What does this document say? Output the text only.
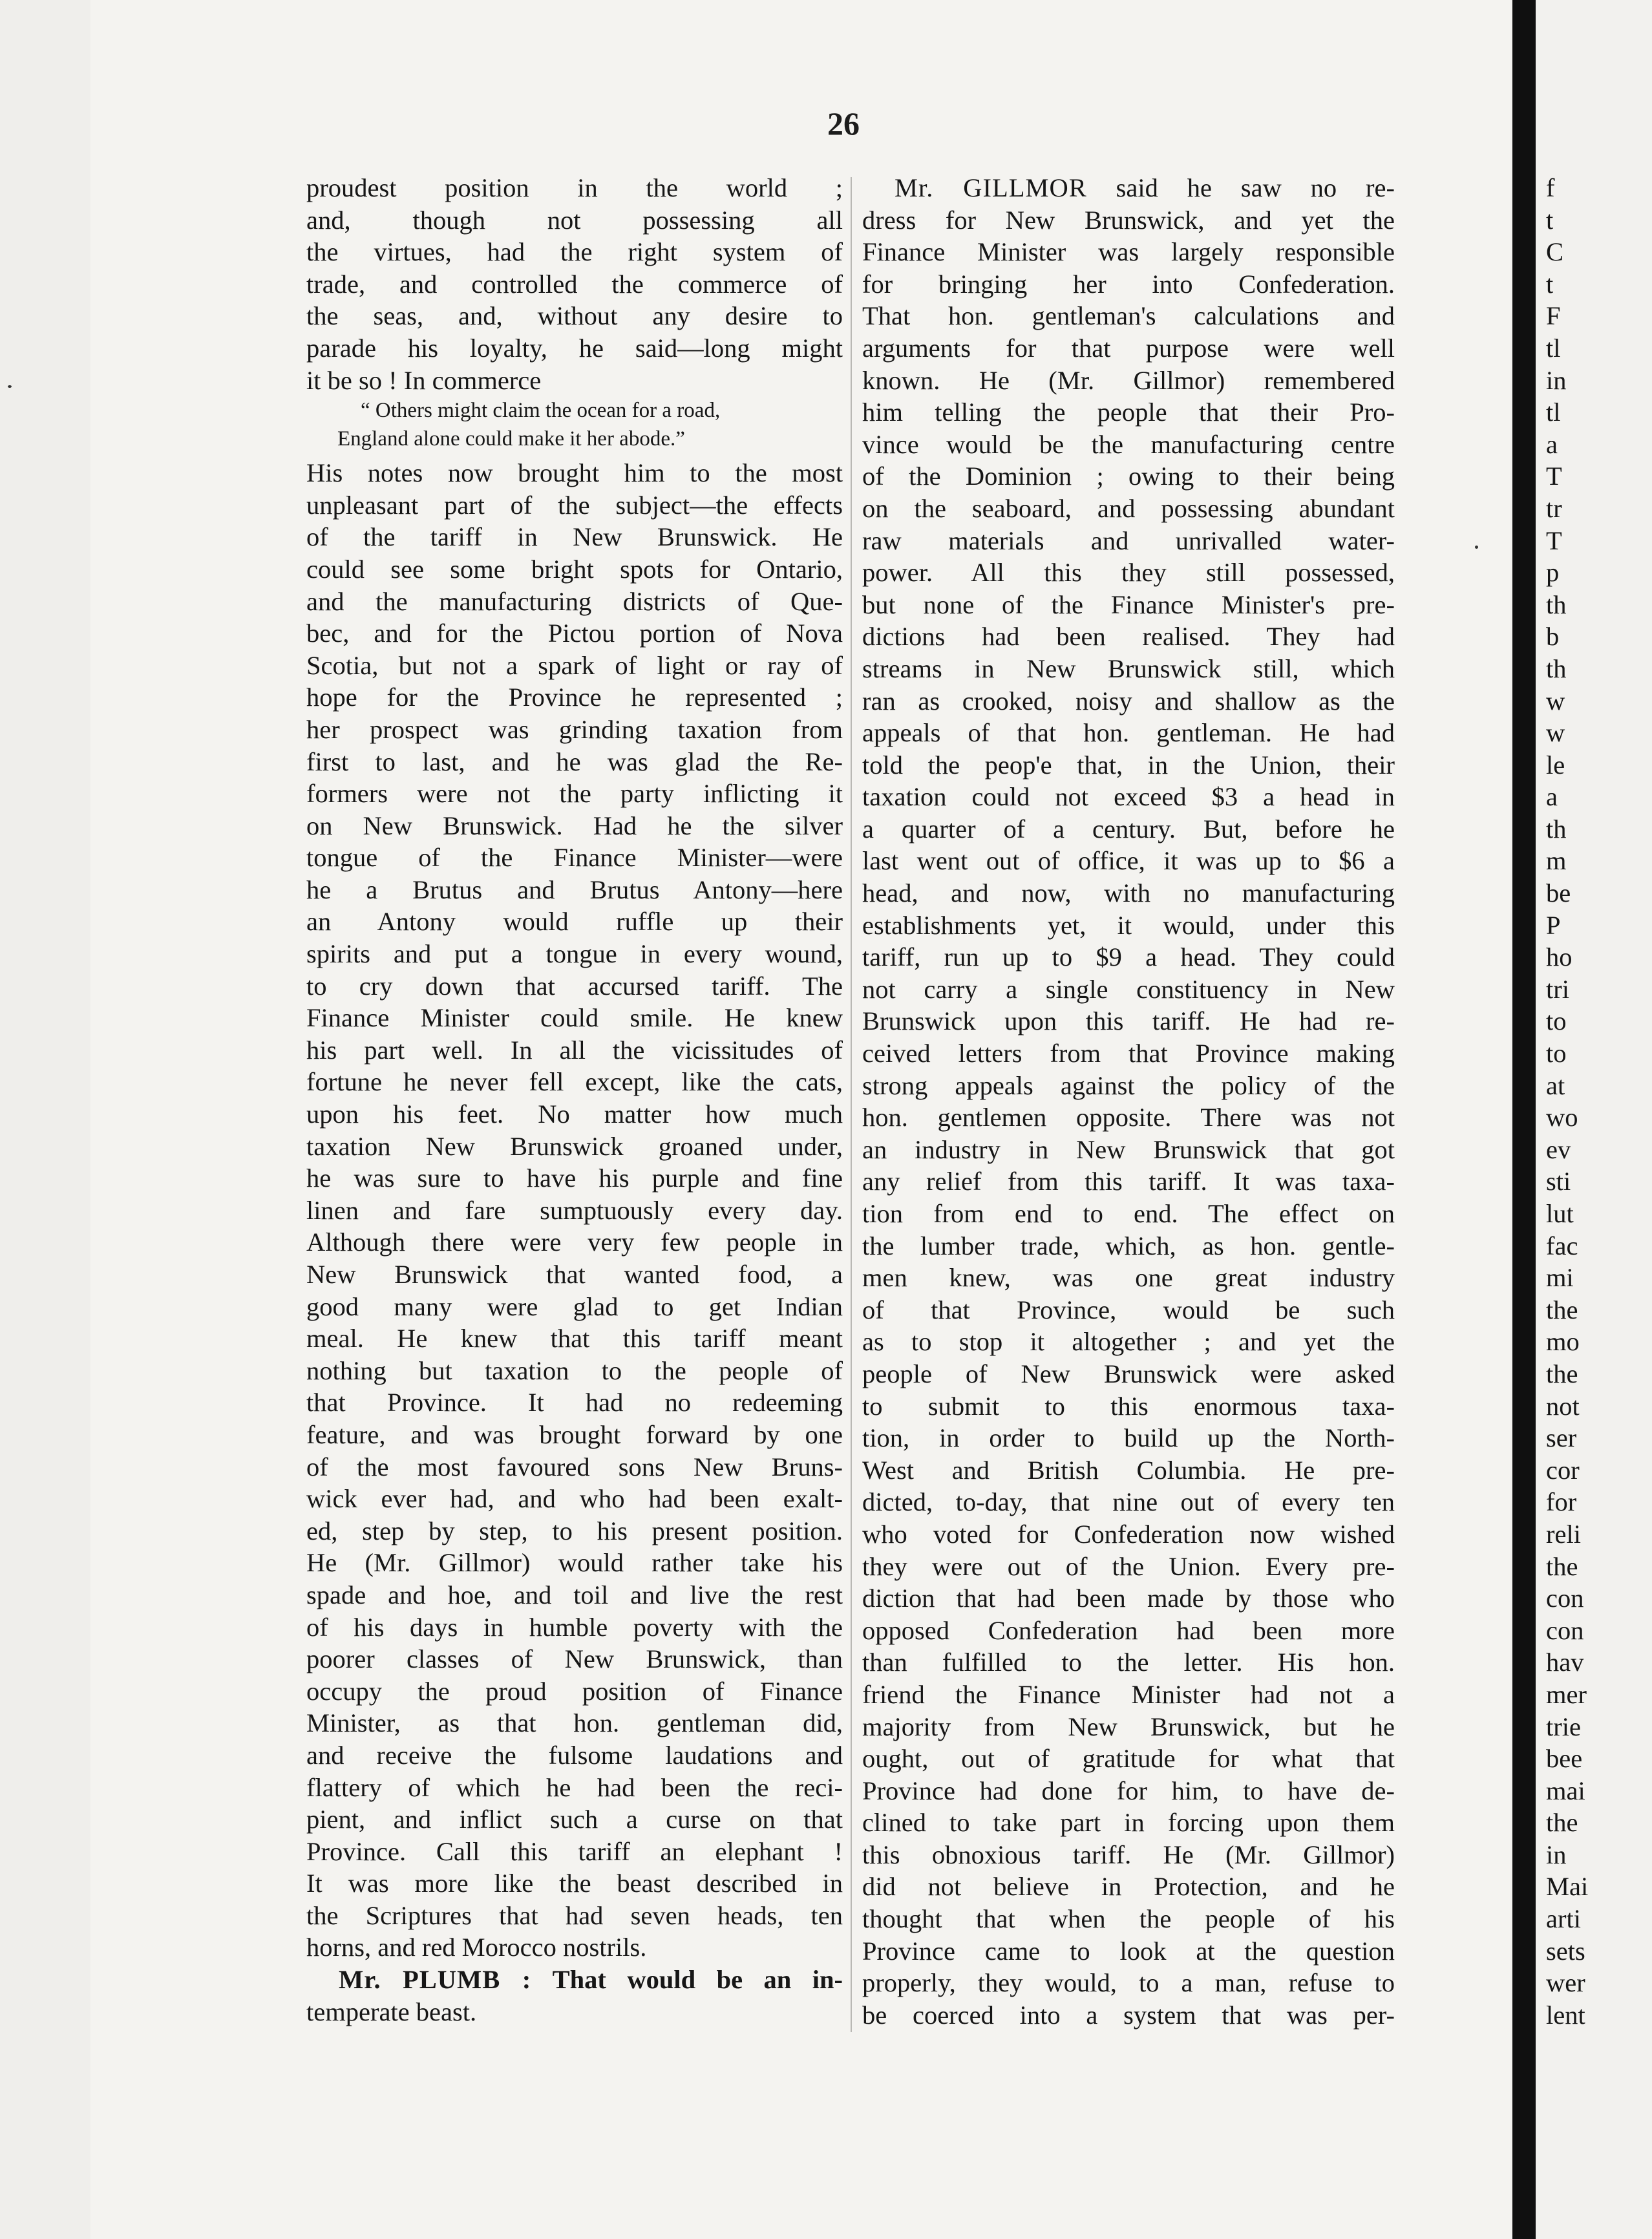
f
t
C
t
F
tl
in
tl
a
T
tr
T
p
th
b
th
w
w
le
a
th
m
be
P
ho
tri
to
to
at
wo
ev
sti
lut
fac
mi
the
mo
the
not
ser
cor
for
reli
the
con
con
hav
mer
trie
bee
mai
the
in
Mai
arti
sets
wer
lent
26
proudest position in the world ;
and, though not possessing all
the virtues, had the right system of
trade, and controlled the commerce of
the seas, and, without any desire to
parade his loyalty, he said—long might
it be so ! In commerce
“ Others might claim the ocean for a road,
England alone could make it her abode.”
His notes now brought him to the most
unpleasant part of the subject—the effects
of the tariff in New Brunswick. He
could see some bright spots for Ontario,
and the manufacturing districts of Que-
bec, and for the Pictou portion of Nova
Scotia, but not a spark of light or ray of
hope for the Province he represented ;
her prospect was grinding taxation from
first to last, and he was glad the Re-
formers were not the party inflicting it
on New Brunswick. Had he the silver
tongue of the Finance Minister—were
he a Brutus and Brutus Antony—here
an Antony would ruffle up their
spirits and put a tongue in every wound,
to cry down that accursed tariff. The
Finance Minister could smile. He knew
his part well. In all the vicissitudes of
fortune he never fell except, like the cats,
upon his feet. No matter how much
taxation New Brunswick groaned under,
he was sure to have his purple and fine
linen and fare sumptuously every day.
Although there were very few people in
New Brunswick that wanted food, a
good many were glad to get Indian
meal. He knew that this tariff meant
nothing but taxation to the people of
that Province. It had no redeeming
feature, and was brought forward by one
of the most favoured sons New Bruns-
wick ever had, and who had been exalt-
ed, step by step, to his present position.
He (Mr. Gillmor) would rather take his
spade and hoe, and toil and live the rest
of his days in humble poverty with the
poorer classes of New Brunswick, than
occupy the proud position of Finance
Minister, as that hon. gentleman did,
and receive the fulsome laudations and
flattery of which he had been the reci-
pient, and inflict such a curse on that
Province. Call this tariff an elephant !
It was more like the beast described in
the Scriptures that had seven heads, ten
horns, and red Morocco nostrils.
Mr. PLUMB : That would be an in-
temperate beast.
Mr. GILLMOR said he saw no re-
dress for New Brunswick, and yet the
Finance Minister was largely responsible
for bringing her into Confederation.
That hon. gentleman's calculations and
arguments for that purpose were well
known. He (Mr. Gillmor) remembered
him telling the people that their Pro-
vince would be the manufacturing centre
of the Dominion ; owing to their being
on the seaboard, and possessing abundant
raw materials and unrivalled water-
power. All this they still possessed,
but none of the Finance Minister's pre-
dictions had been realised. They had
streams in New Brunswick still, which
ran as crooked, noisy and shallow as the
appeals of that hon. gentleman. He had
told the peop'e that, in the Union, their
taxation could not exceed $3 a head in
a quarter of a century. But, before he
last went out of office, it was up to $6 a
head, and now, with no manufacturing
establishments yet, it would, under this
tariff, run up to $9 a head. They could
not carry a single constituency in New
Brunswick upon this tariff. He had re-
ceived letters from that Province making
strong appeals against the policy of the
hon. gentlemen opposite. There was not
an industry in New Brunswick that got
any relief from this tariff. It was taxa-
tion from end to end. The effect on
the lumber trade, which, as hon. gentle-
men knew, was one great industry
of that Province, would be such
as to stop it altogether ; and yet the
people of New Brunswick were asked
to submit to this enormous taxa-
tion, in order to build up the North-
West and British Columbia. He pre-
dicted, to-day, that nine out of every ten
who voted for Confederation now wished
they were out of the Union. Every pre-
diction that had been made by those who
opposed Confederation had been more
than fulfilled to the letter. His hon.
friend the Finance Minister had not a
majority from New Brunswick, but he
ought, out of gratitude for what that
Province had done for him, to have de-
clined to take part in forcing upon them
this obnoxious tariff. He (Mr. Gillmor)
did not believe in Protection, and he
thought that when the people of his
Province came to look at the question
properly, they would, to a man, refuse to
be coerced into a system that was per-
